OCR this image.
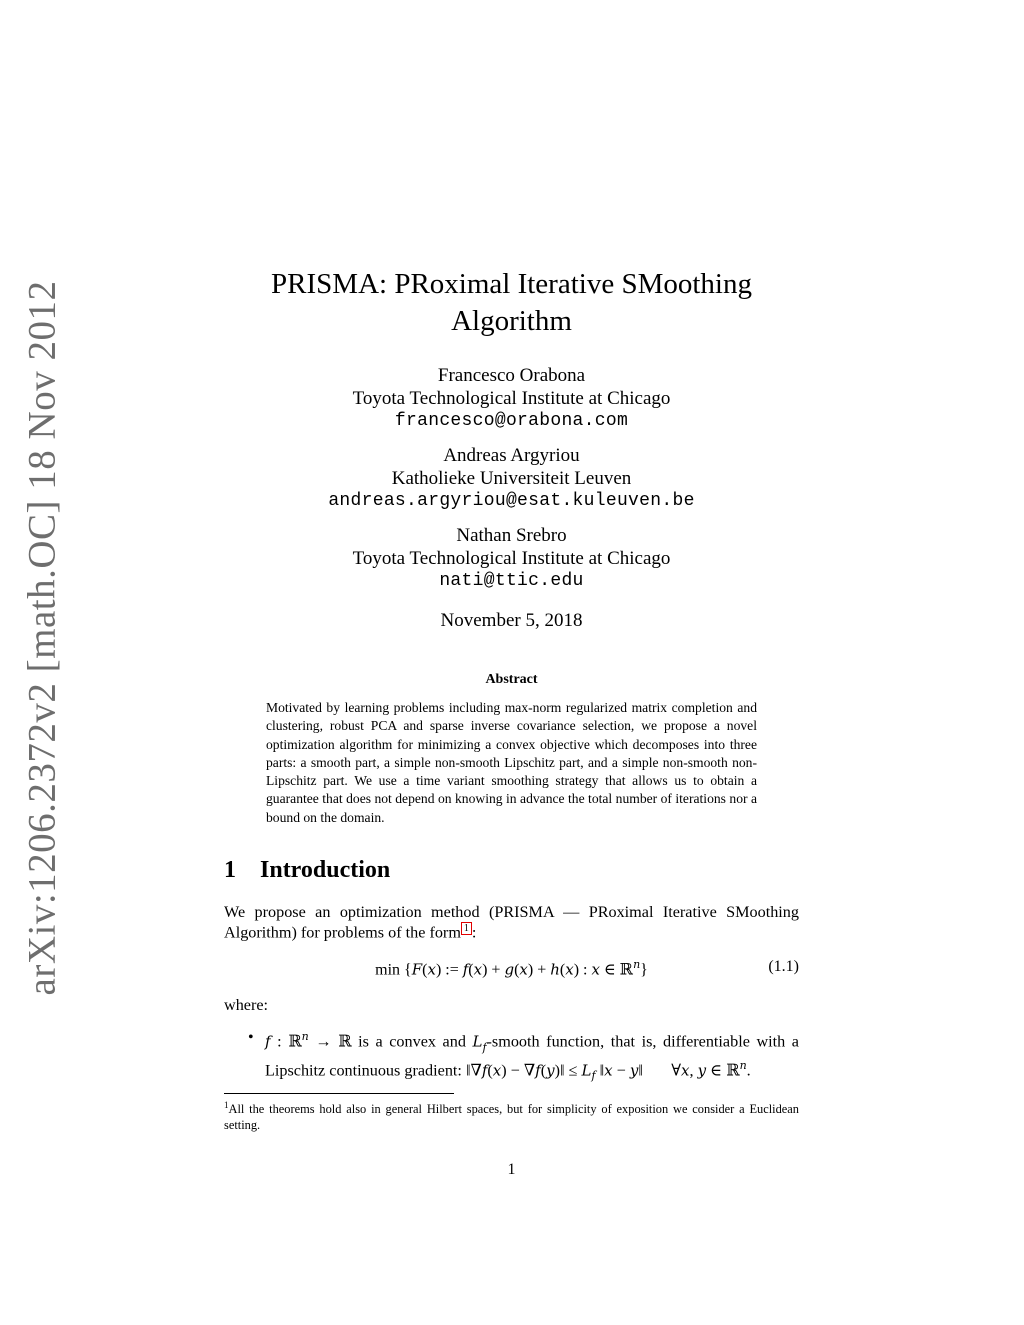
arXiv:1206.2372v2 [math.OC] 18 Nov 2012	PRISMA: PRoximal Iterative SMoothing
Algorithm
Francesco Orabona
Toyota Technological Institute at Chicago
francesco@orabona.com
Andreas Argyriou
Katholieke Universiteit Leuven
andreas.argyriou@esat.kuleuven.be
Nathan Srebro
Toyota Technological Institute at Chicago
nati@ttic.edu
November 5, 2018
Abstract
Motivated by learning problems including max-norm regularized matrix completion and clustering, robust PCA and sparse inverse covariance selection, we propose a novel optimization algorithm for minimizing a convex objective which decomposes into three parts: a smooth part, a simple non-smooth Lipschitz part, and a simple non-smooth non-Lipschitz part. We use a time variant smoothing strategy that allows us to obtain a guarantee that does not depend on knowing in advance the total number of iterations nor a bound on the domain.
1 Introduction
We propose an optimization method (PRISMA — PRoximal Iterative SMoothing Algorithm) for problems of the form 1 :
min {F(x) := f(x) + g(x) + h(x) : x ∈ ℝ$^n$}	(1.1)
where:
• f : ℝ$^n$ → ℝ is a convex and $L_f$-smooth function, that is, differentiable with a Lipschitz continuous gradient: ‖∇f(x) − ∇f(y)‖ ≤ $L_f$ ‖x − y‖       ∀x, y ∈ ℝ$^n$.
$^1$All the theorems hold also in general Hilbert spaces, but for simplicity of exposition we consider a Euclidean setting.
1
